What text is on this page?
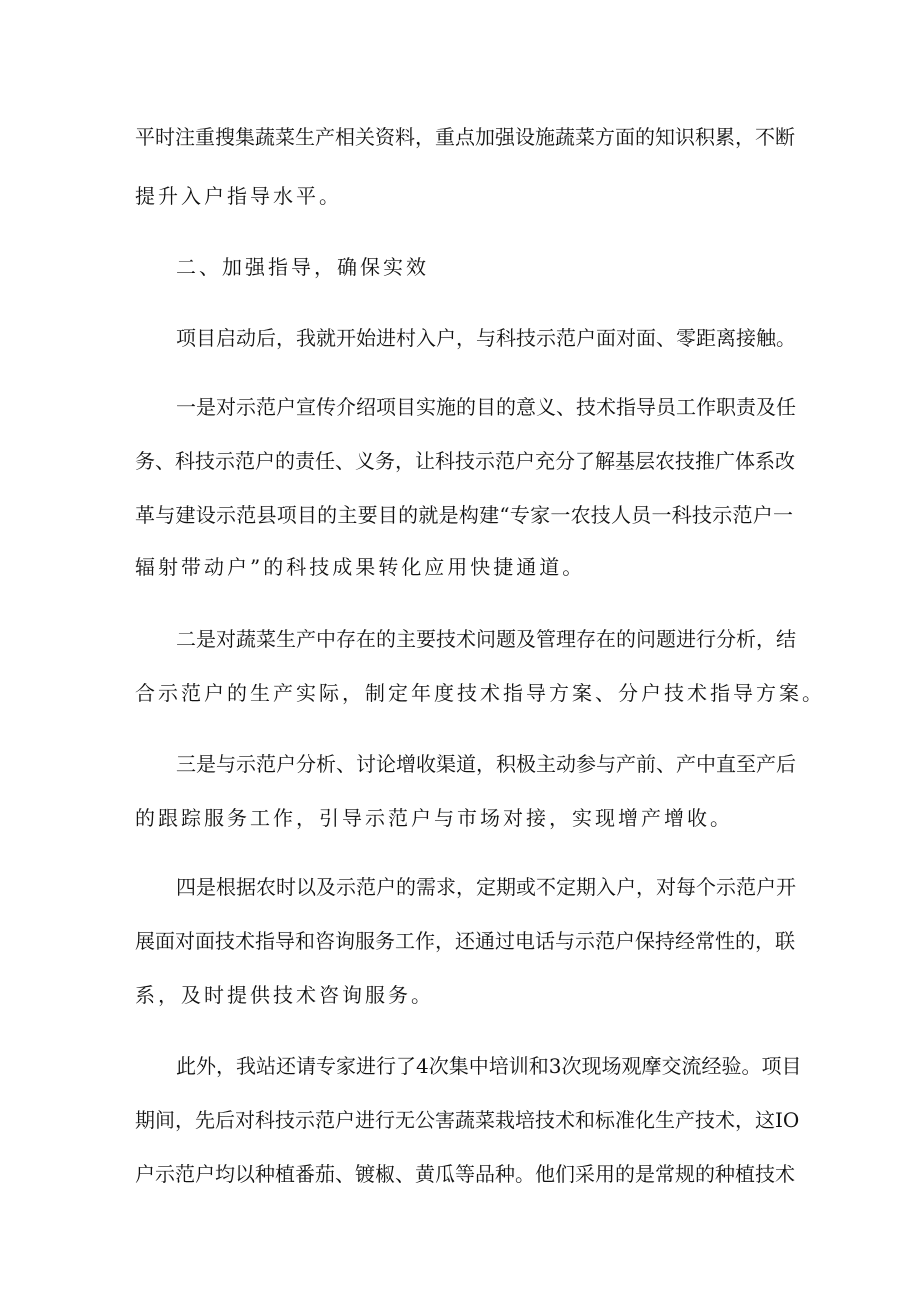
平时注重搜集蔬菜生产相关资料，重点加强设施蔬菜方面的知识积累，不断
提升入户指导水平。
二、加强指导，确保实效
项目启动后，我就开始进村入户，与科技示范户面对面、零距离接触。
一是对示范户宣传介绍项目实施的目的意义、技术指导员工作职责及任
务、科技示范户的责任、义务，让科技示范户充分了解基层农技推广体系改
革与建设示范县项目的主要目的就是构建“专家一农技人员一科技示范户一
辐射带动户”的科技成果转化应用快捷通道。
二是对蔬菜生产中存在的主要技术问题及管理存在的问题进行分析，结
合示范户的生产实际，制定年度技术指导方案、分户技术指导方案。
三是与示范户分析、讨论增收渠道，积极主动参与产前、产中直至产后
的跟踪服务工作，引导示范户与市场对接，实现增产增收。
四是根据农时以及示范户的需求，定期或不定期入户，对每个示范户开
展面对面技术指导和咨询服务工作，还通过电话与示范户保持经常性的，联
系，及时提供技术咨询服务。
此外，我站还请专家进行了4次集中培训和3次现场观摩交流经验。项目
期间，先后对科技示范户进行无公害蔬菜栽培技术和标准化生产技术，这IO
户示范户均以种植番茄、镀椒、黄瓜等品种。他们采用的是常规的种植技术
